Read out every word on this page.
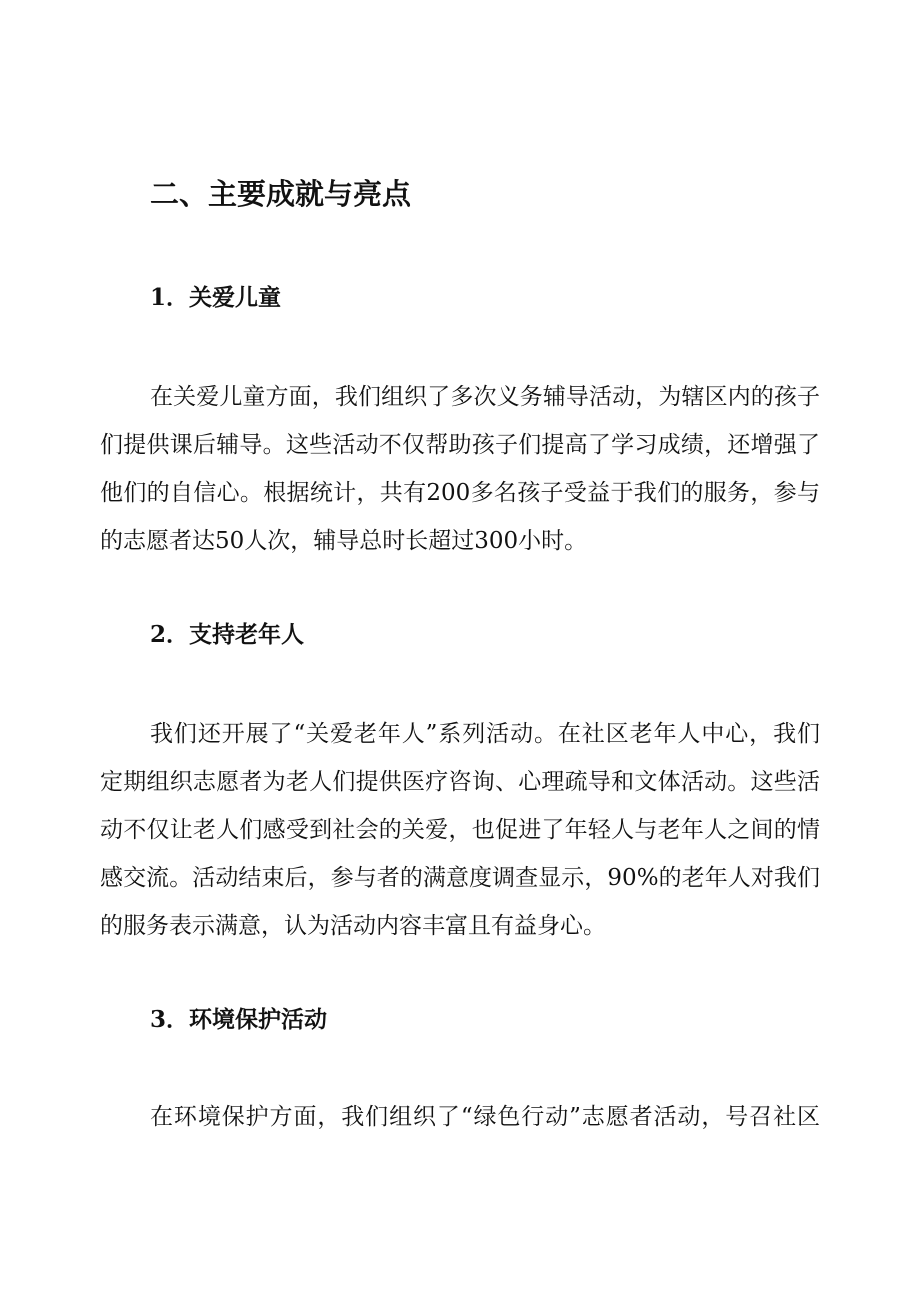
二、主要成就与亮点
1．关爱儿童
在关爱儿童方面，我们组织了多次义务辅导活动，为辖区内的孩子
们提供课后辅导。这些活动不仅帮助孩子们提高了学习成绩，还增强了
他们的自信心。根据统计，共有200多名孩子受益于我们的服务，参与
的志愿者达50人次，辅导总时长超过300小时。
2．支持老年人
我们还开展了“关爱老年人”系列活动。在社区老年人中心，我们
定期组织志愿者为老人们提供医疗咨询、心理疏导和文体活动。这些活
动不仅让老人们感受到社会的关爱，也促进了年轻人与老年人之间的情
感交流。活动结束后，参与者的满意度调查显示，90%的老年人对我们
的服务表示满意，认为活动内容丰富且有益身心。
3．环境保护活动
在环境保护方面，我们组织了“绿色行动”志愿者活动，号召社区
